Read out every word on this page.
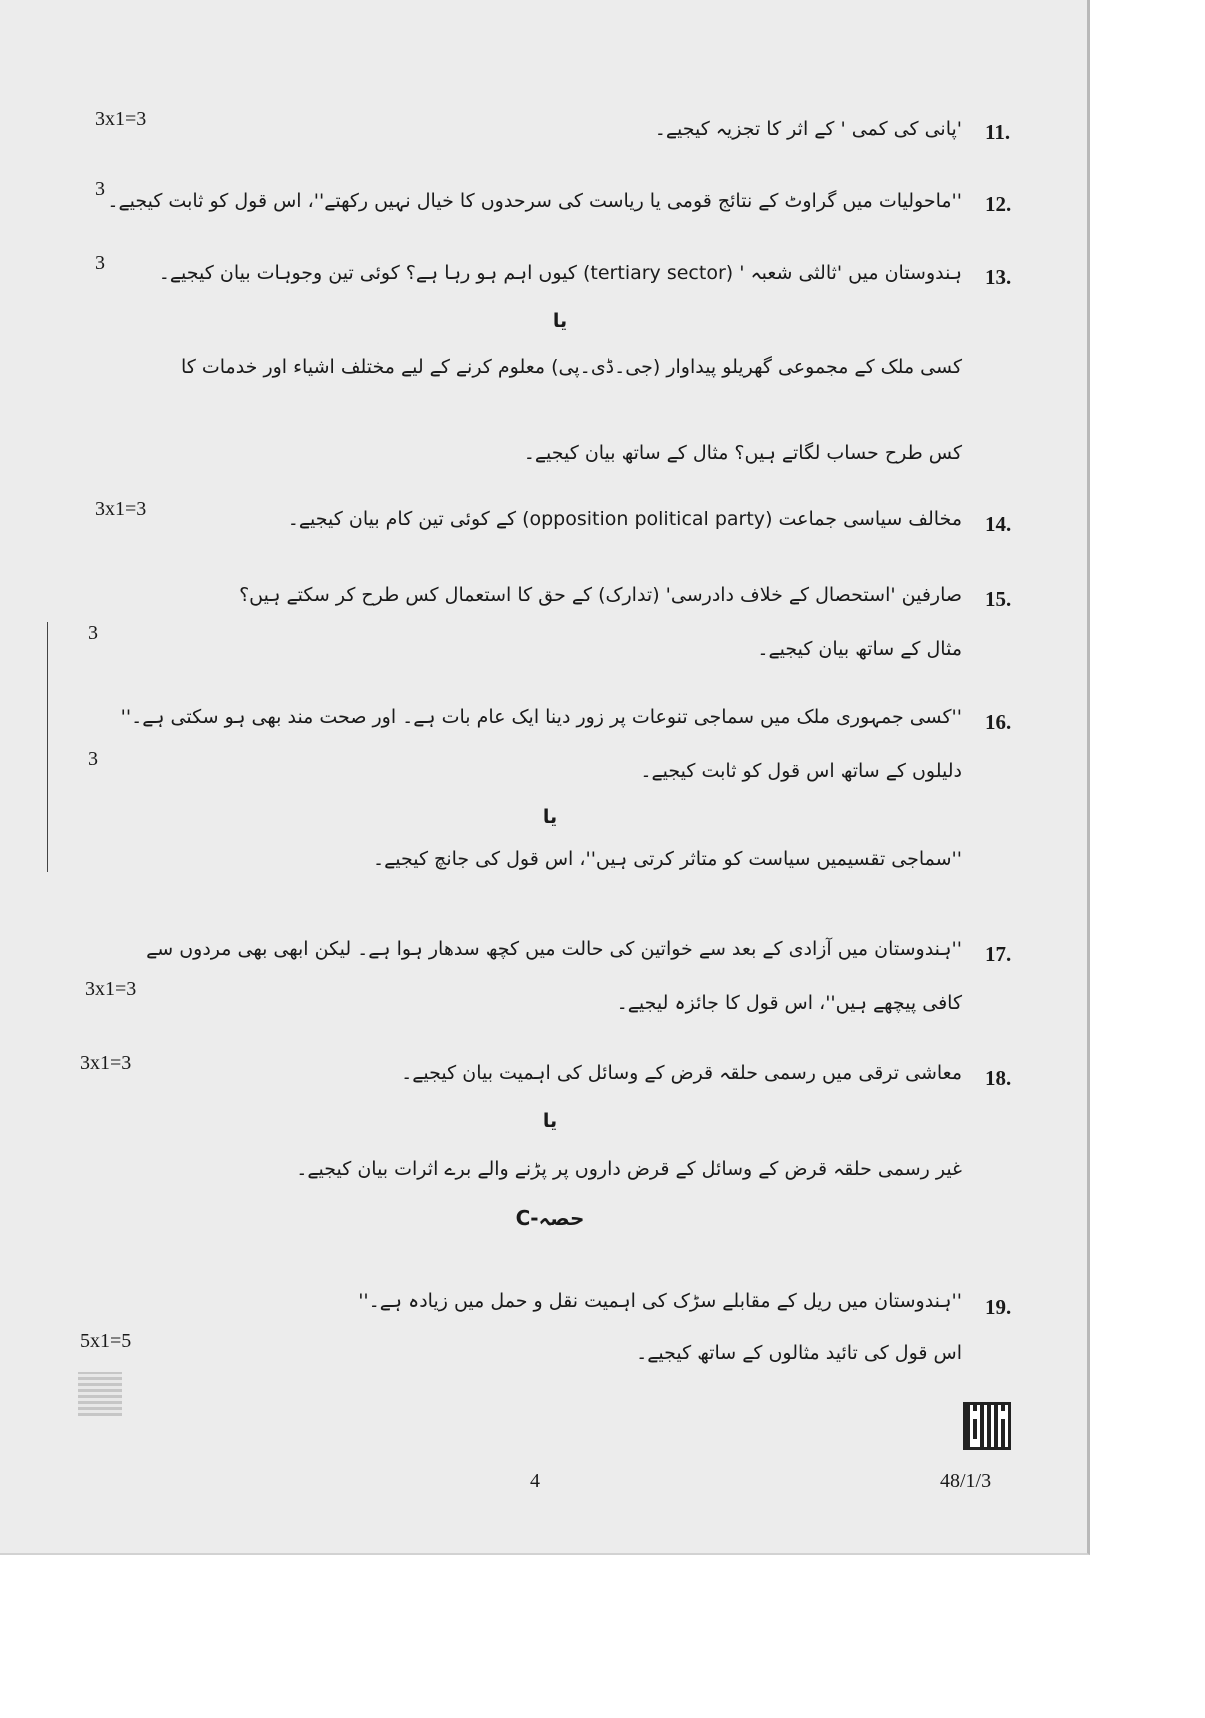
11.
3x1=3	'پانی کی کمی ' کے اثر کا تجزیہ کیجیے۔
12.
3
''ماحولیات میں گراوٹ کے نتائج قومی یا ریاست کی سرحدوں کا خیال نہیں رکھتے''، اس قول کو ثابت کیجیے۔
13.
3	ہندوستان میں 'ثالثی شعبہ ' (tertiary sector) کیوں اہم ہو رہا ہے؟ کوئی تین وجوہات بیان کیجیے۔
یا
کسی ملک کے مجموعی گھریلو پیداوار (جی۔ڈی۔پی) معلوم کرنے کے لیے مختلف اشیاء اور خدمات کا
کس طرح حساب لگاتے ہیں؟ مثال کے ساتھ بیان کیجیے۔
14.
3x1=3	مخالف سیاسی جماعت (opposition political party) کے کوئی تین کام بیان کیجیے۔
15.
3
صارفین 'استحصال کے خلاف دادرسی' (تدارک) کے حق کا استعمال کس طرح کر سکتے ہیں؟
مثال کے ساتھ بیان کیجیے۔
16.
3
''کسی جمہوری ملک میں سماجی تنوعات پر زور دینا ایک عام بات ہے۔ اور صحت مند بھی ہو سکتی ہے۔''
دلیلوں کے ساتھ اس قول کو ثابت کیجیے۔
یا
''سماجی تقسیمیں سیاست کو متاثر کرتی ہیں''، اس قول کی جانچ کیجیے۔
17.
3x1=3
''ہندوستان میں آزادی کے بعد سے خواتین کی حالت میں کچھ سدھار ہوا ہے۔ لیکن ابھی بھی مردوں سے
کافی پیچھے ہیں''، اس قول کا جائزہ لیجیے۔
18.
3x1=3	معاشی ترقی میں رسمی حلقہ قرض کے وسائل کی اہمیت بیان کیجیے۔
یا
غیر رسمی حلقہ قرض کے وسائل کے قرض داروں پر پڑنے والے برے اثرات بیان کیجیے۔
حصہ-C
19.
5x1=5
''ہندوستان میں ریل کے مقابلے سڑک کی اہمیت نقل و حمل میں زیادہ ہے۔''
اس قول کی تائید مثالوں کے ساتھ کیجیے۔
4	48/1/3
